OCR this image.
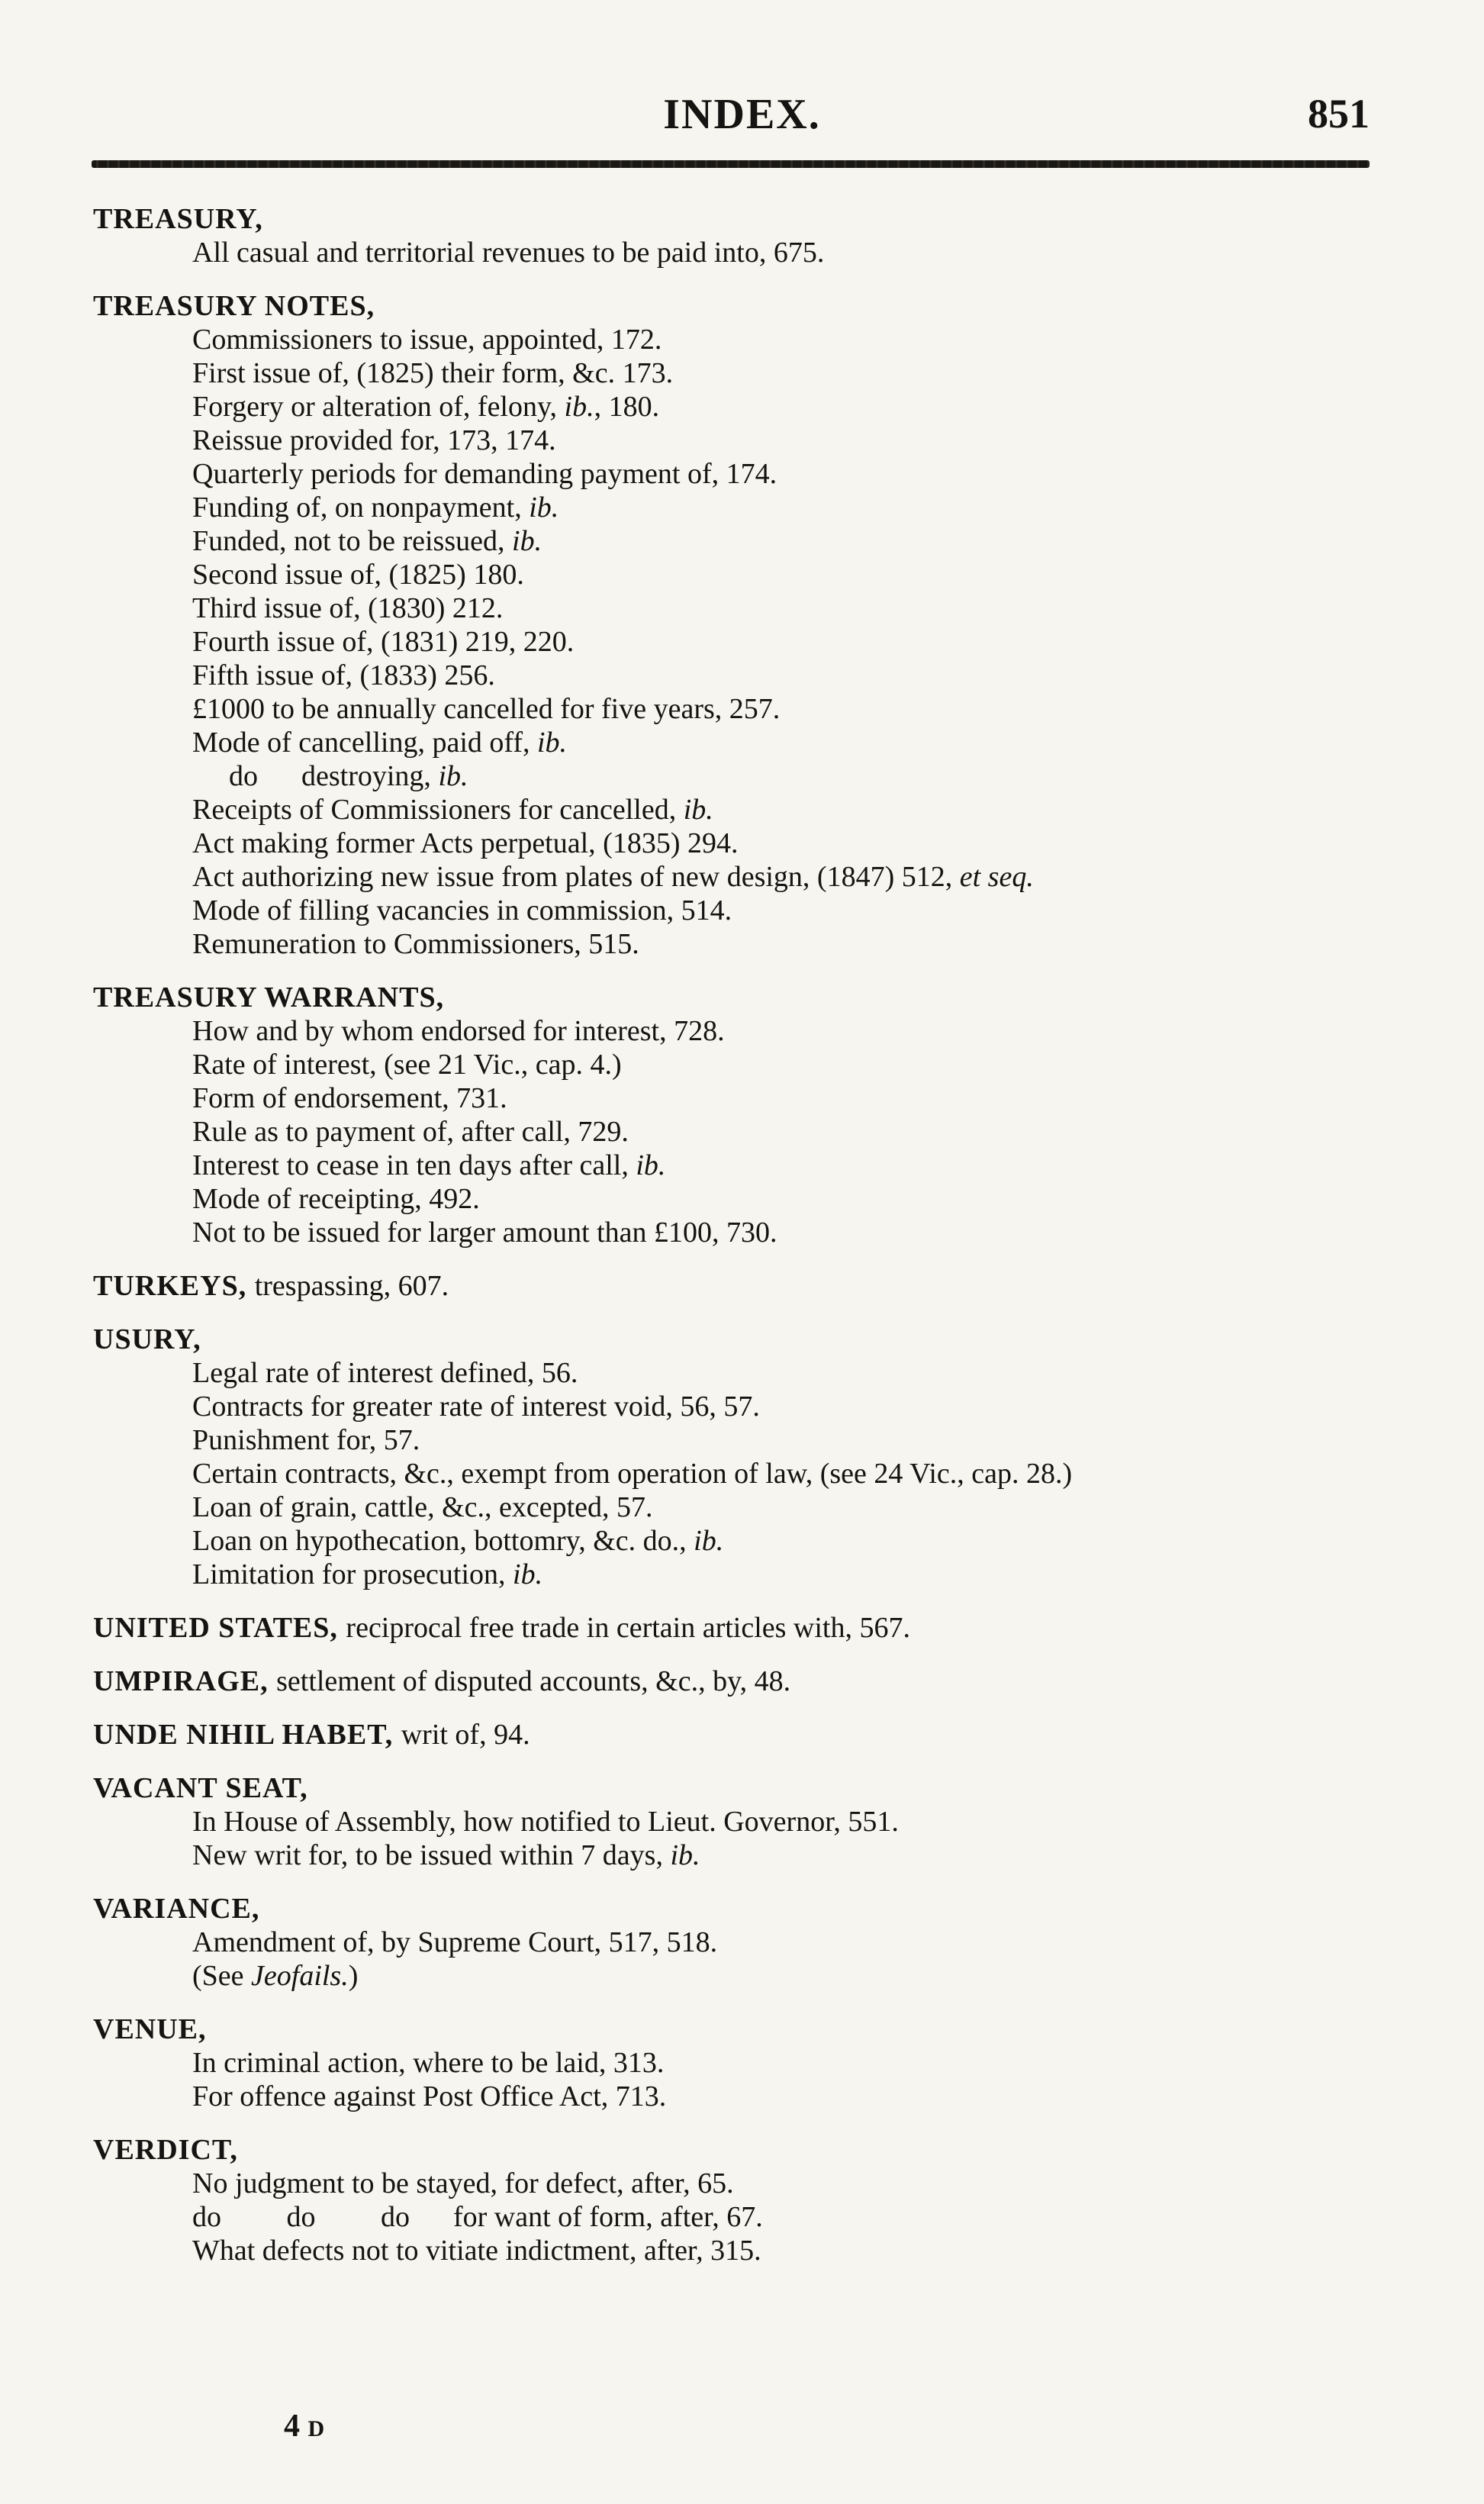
INDEX.	851
TREASURY,
All casual and territorial revenues to be paid into, 675.
TREASURY NOTES,
Commissioners to issue, appointed, 172.
First issue of, (1825) their form, &c. 173.
Forgery or alteration of, felony, ib., 180.
Reissue provided for, 173, 174.
Quarterly periods for demanding payment of, 174.
Funding of, on nonpayment, ib.
Funded, not to be reissued, ib.
Second issue of, (1825) 180.
Third issue of, (1830) 212.
Fourth issue of, (1831) 219, 220.
Fifth issue of, (1833) 256.
£1000 to be annually cancelled for five years, 257.
Mode of cancelling, paid off, ib.
do      destroying, ib.
Receipts of Commissioners for cancelled, ib.
Act making former Acts perpetual, (1835) 294.
Act authorizing new issue from plates of new design, (1847) 512, et seq.
Mode of filling vacancies in commission, 514.
Remuneration to Commissioners, 515.
TREASURY WARRANTS,
How and by whom endorsed for interest, 728.
Rate of interest, (see 21 Vic., cap. 4.)
Form of endorsement, 731.
Rule as to payment of, after call, 729.
Interest to cease in ten days after call, ib.
Mode of receipting, 492.
Not to be issued for larger amount than £100, 730.
TURKEYS, trespassing, 607.
USURY,
Legal rate of interest defined, 56.
Contracts for greater rate of interest void, 56, 57.
Punishment for, 57.
Certain contracts, &c., exempt from operation of law, (see 24 Vic., cap. 28.)
Loan of grain, cattle, &c., excepted, 57.
Loan on hypothecation, bottomry, &c. do., ib.
Limitation for prosecution, ib.
UNITED STATES, reciprocal free trade in certain articles with, 567.
UMPIRAGE, settlement of disputed accounts, &c., by, 48.
UNDE NIHIL HABET, writ of, 94.
VACANT SEAT,
In House of Assembly, how notified to Lieut. Governor, 551.
New writ for, to be issued within 7 days, ib.
VARIANCE,
Amendment of, by Supreme Court, 517, 518.
(See Jeofails.)
VENUE,
In criminal action, where to be laid, 313.
For offence against Post Office Act, 713.
VERDICT,
No judgment to be stayed, for defect, after, 65.
do         do         do      for want of form, after, 67.
What defects not to vitiate indictment, after, 315.
4 D
